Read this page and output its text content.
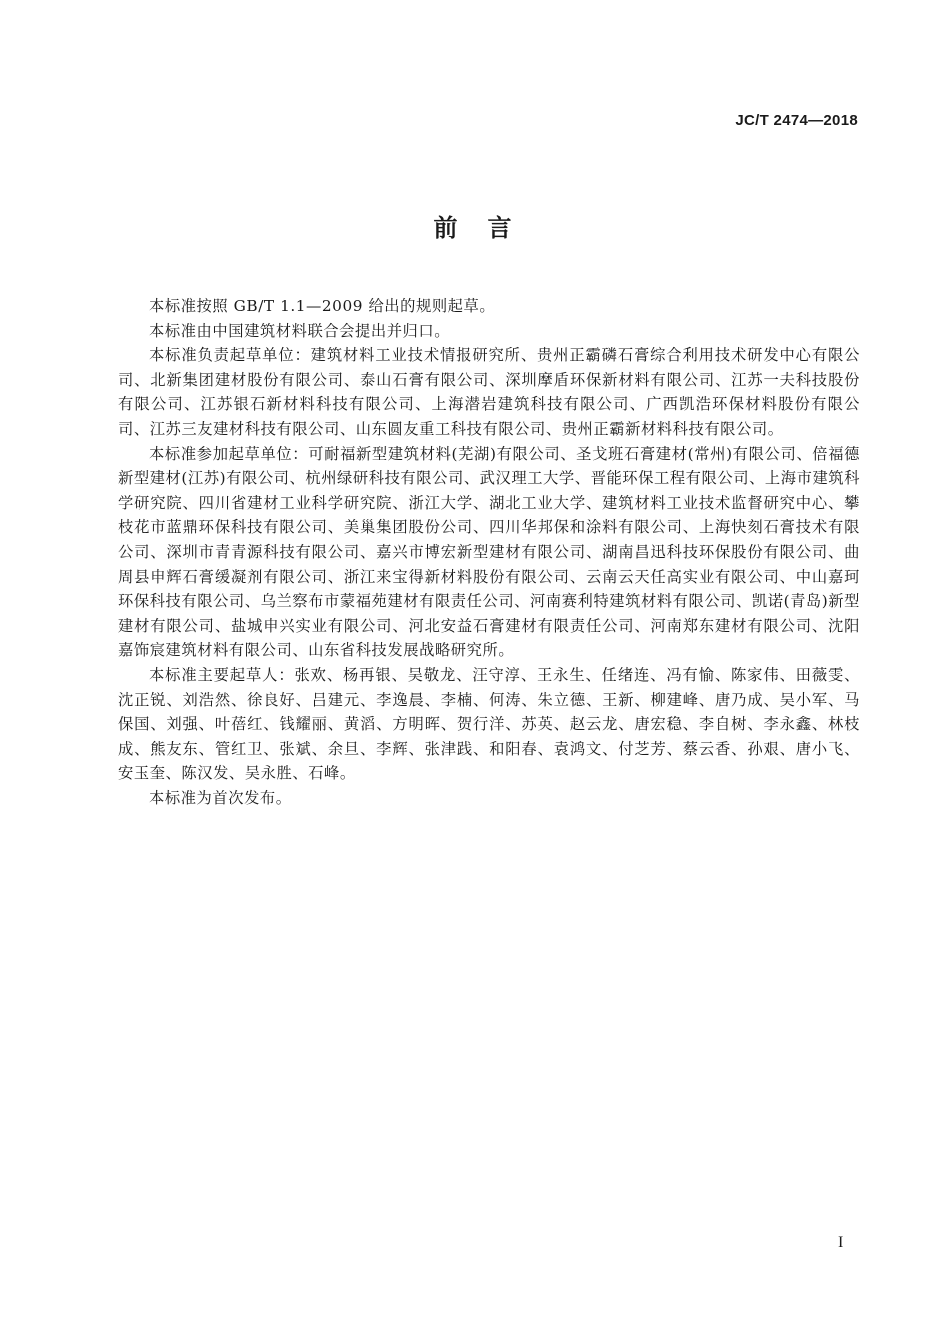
JC/T 2474—2018
前言

本标准按照 GB/T 1.1—2009 给出的规则起草。

本标准由中国建筑材料联合会提出并归口。

本标准负责起草单位：建筑材料工业技术情报研究所、贵州正霸磷石膏综合利用技术研发中心有限公司、北新集团建材股份有限公司、泰山石膏有限公司、深圳摩盾环保新材料有限公司、江苏一夫科技股份有限公司、江苏银石新材料科技有限公司、上海潜岩建筑科技有限公司、广西凯浩环保材料股份有限公司、江苏三友建材科技有限公司、山东圆友重工科技有限公司、贵州正霸新材料科技有限公司。

本标准参加起草单位：可耐福新型建筑材料(芜湖)有限公司、圣戈班石膏建材(常州)有限公司、倍福德新型建材(江苏)有限公司、杭州绿研科技有限公司、武汉理工大学、晋能环保工程有限公司、上海市建筑科学研究院、四川省建材工业科学研究院、浙江大学、湖北工业大学、建筑材料工业技术监督研究中心、攀枝花市蓝鼎环保科技有限公司、美巢集团股份公司、四川华邦保和涂料有限公司、上海快刻石膏技术有限公司、深圳市青青源科技有限公司、嘉兴市博宏新型建材有限公司、湖南昌迅科技环保股份有限公司、曲周县申辉石膏缓凝剂有限公司、浙江来宝得新材料股份有限公司、云南云天任高实业有限公司、中山嘉珂环保科技有限公司、乌兰察布市蒙福苑建材有限责任公司、河南赛利特建筑材料有限公司、凯诺(青岛)新型建材有限公司、盐城申兴实业有限公司、河北安益石膏建材有限责任公司、河南郑东建材有限公司、沈阳嘉饰宸建筑材料有限公司、山东省科技发展战略研究所。

本标准主要起草人：张欢、杨再银、吴敬龙、汪守淳、王永生、任绪连、冯有愉、陈家伟、田薇雯、沈正锐、刘浩然、徐良好、吕建元、李逸晨、李楠、何涛、朱立德、王新、柳建峰、唐乃成、吴小军、马保国、刘强、叶蓓红、钱耀丽、黄滔、方明晖、贺行洋、苏英、赵云龙、唐宏稳、李自树、李永鑫、林枝成、熊友东、管红卫、张斌、余旦、李辉、张津践、和阳春、袁鸿文、付芝芳、蔡云香、孙艰、唐小飞、安玉奎、陈汉发、吴永胜、石峰。

本标准为首次发布。

I
